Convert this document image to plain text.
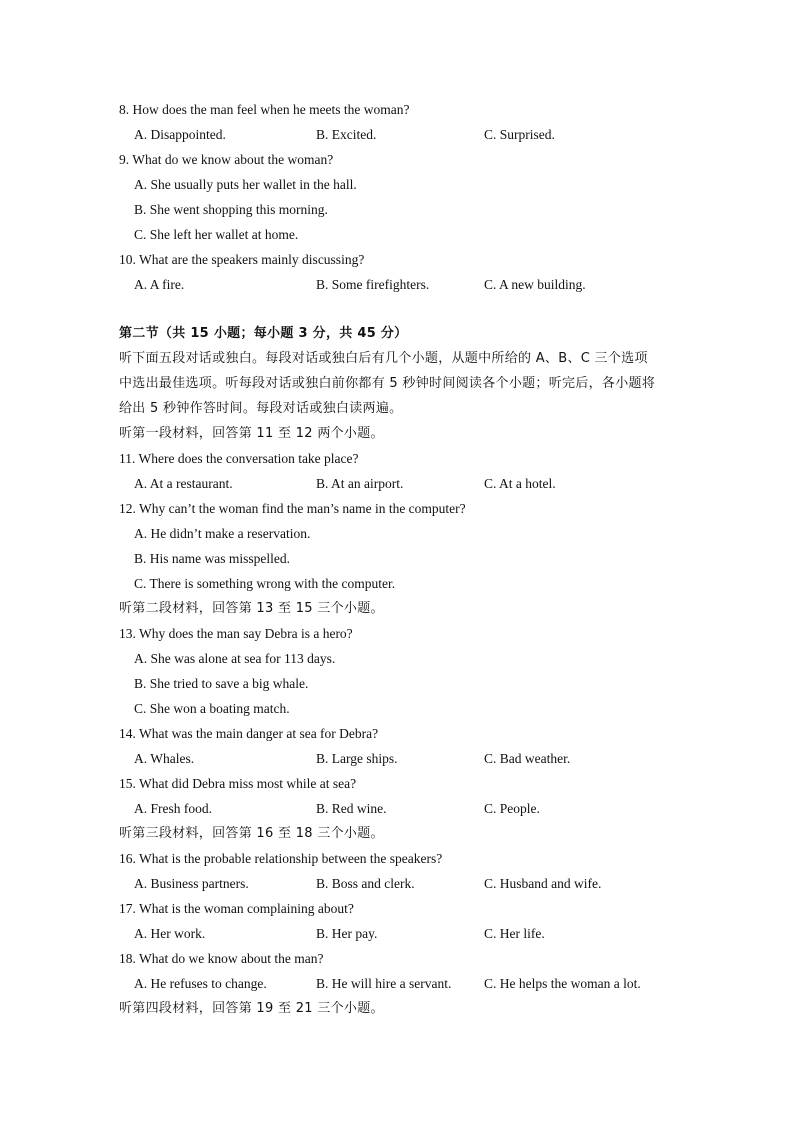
8. How does the man feel when he meets the woman?
A. Disappointed.	B. Excited.	C. Surprised.
9. What do we know about the woman?
A. She usually puts her wallet in the hall.
B. She went shopping this morning.
C. She left her wallet at home.
10. What are the speakers mainly discussing?
A. A fire.	B. Some firefighters.	C. A new building.
第二节（共 15 小题；每小题 3 分，共 45 分）
听下面五段对话或独白。每段对话或独白后有几个小题，从题中所给的 A、B、C 三个选项
中选出最佳选项。听每段对话或独白前你都有 5 秒钟时间阅读各个小题；听完后，各小题将
给出 5 秒钟作答时间。每段对话或独白读两遍。
听第一段材料，回答第 11 至 12 两个小题。
11. Where does the conversation take place?
A. At a restaurant.	B. At an airport.	C. At a hotel.
12. Why can’t the woman find the man’s name in the computer?
A. He didn’t make a reservation.
B. His name was misspelled.
C. There is something wrong with the computer.
听第二段材料，回答第 13 至 15 三个小题。
13. Why does the man say Debra is a hero?
A. She was alone at sea for 113 days.
B. She tried to save a big whale.
C. She won a boating match.
14. What was the main danger at sea for Debra?
A. Whales.	B. Large ships.	C. Bad weather.
15. What did Debra miss most while at sea?
A. Fresh food.	B. Red wine.	C. People.
听第三段材料，回答第 16 至 18 三个小题。
16. What is the probable relationship between the speakers?
A. Business partners.	B. Boss and clerk.	C. Husband and wife.
17. What is the woman complaining about?
A. Her work.	B. Her pay.	C. Her life.
18. What do we know about the man?
A. He refuses to change.	B. He will hire a servant. C. He helps the woman a lot.
听第四段材料，回答第 19 至 21 三个小题。
